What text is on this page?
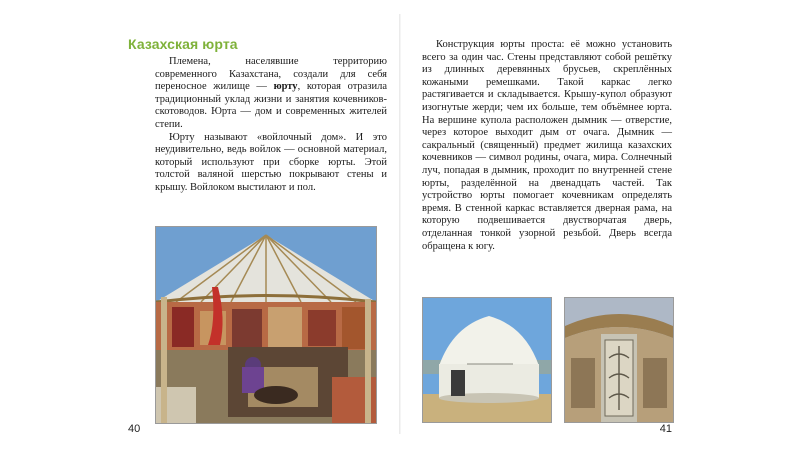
Казахская юрта

Племена, населявшие территорию современного Казахстана, создали для себя переносное жилище — юрту, которая отразила традиционный уклад жизни и занятия кочевников-скотоводов. Юрта — дом и современных жителей степи.

Юрту называют «войлочный дом». И это неудивительно, ведь войлок — основной материал, который используют при сборке юрты. Этой толстой валяной шерстью покрывают стены и крышу. Войлоком выстилают и пол.

40

Конструкция юрты проста: её можно установить всего за один час. Стены представляют собой решётку из длинных деревянных брусьев, скреплённых кожаными ремешками. Такой каркас легко растягивается и складывается. Крышу-купол образуют изогнутые жерди; чем их больше, тем объёмнее юрта. На вершине купола расположен дымник — отверстие, через которое выходит дым от очага. Дымник — сакральный (священный) предмет жилища казахских кочевников — символ родины, очага, мира. Солнечный луч, попадая в дымник, проходит по внутренней стене юрты, разделённой на двенадцать частей. Так устройство юрты помогает кочевникам определять время. В стенной каркас вставляется дверная рама, на которую подвешивается двустворчатая дверь, отделанная тонкой узорной резьбой. Дверь всегда обращена к югу.

41
